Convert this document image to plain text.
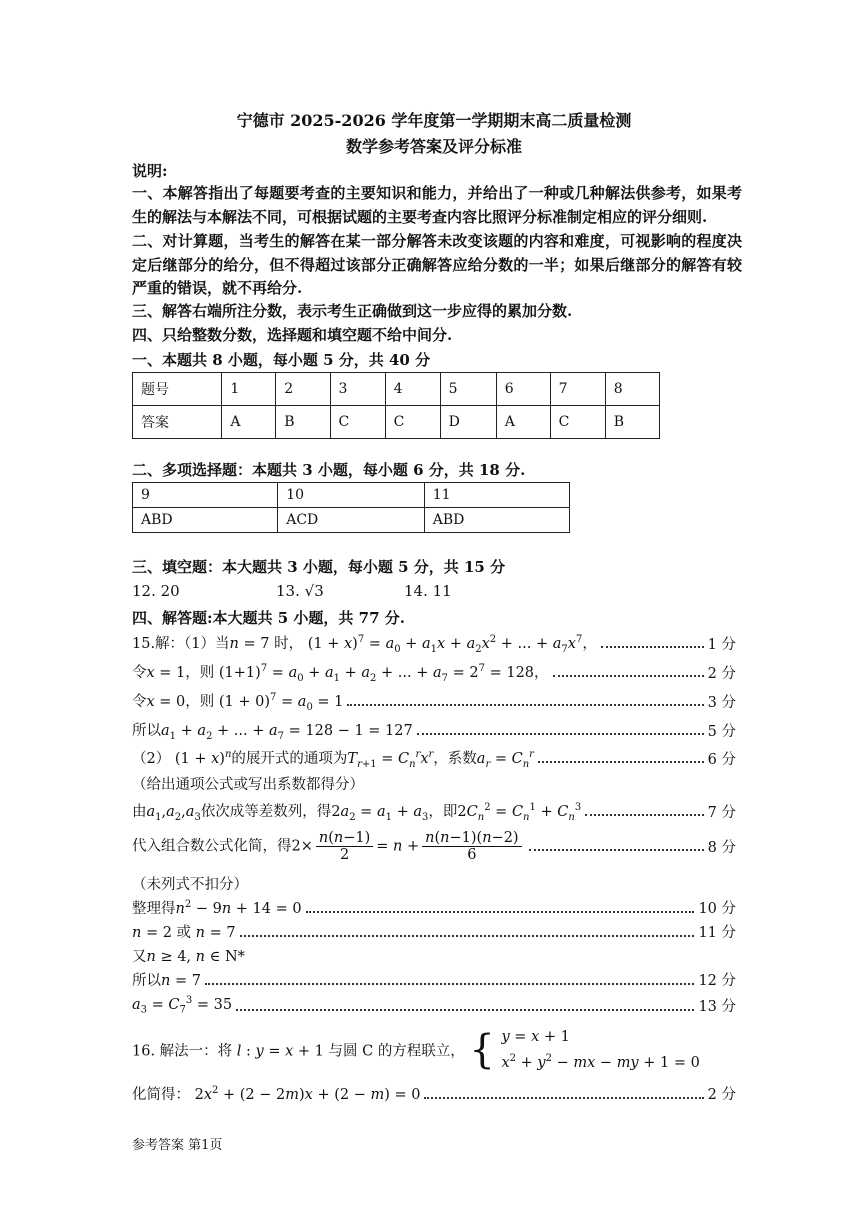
宁德市 2025-2026 学年度第一学期期末高二质量检测
数学参考答案及评分标准
说明:
一、本解答指出了每题要考查的主要知识和能力，并给出了一种或几种解法供参考，如果考生的解法与本解法不同，可根据试题的主要考查内容比照评分标准制定相应的评分细则.
二、对计算题，当考生的解答在某一部分解答未改变该题的内容和难度，可视影响的程度决定后继部分的给分，但不得超过该部分正确解答应给分数的一半；如果后继部分的解答有较严重的错误，就不再给分.
三、解答右端所注分数，表示考生正确做到这一步应得的累加分数.
四、只给整数分数，选择题和填空题不给中间分.
一、本题共 8 小题，每小题 5 分，共 40 分
题号	1	2	3	4	5	6	7	8
答案	A	B	C	C	D	A	C	B
二、多项选择题：本题共 3 小题，每小题 6 分，共 18 分.
9	10	11
ABD	ACD	ABD
三、填空题：本大题共 3 小题，每小题 5 分，共 15 分
12. 20	13. √3	14. 11
四、解答题:本大题共 5 小题，共 77 分.
15.解：（1）当n = 7 时， $(1 + x)^7 = a_0 + a_1x + a_2x^2$ + ... + $a_7x^7$，	1 分
令x = 1，则 $(1+1)^7 = a_0 + a_1 + a_2$ + ... + $a_7 = 2^7 = 128$，	2 分
令x = 0，则 $(1 + 0)^7 = a_0 = 1$	3 分
所以$a_1 + a_2$ + ... + $a_7 = 128 - 1 = 127$	5 分
（2） $(1 + x)^n$的展开式的通项为$T_{r+1} = C_n^rx^r$，系数$a_r = C_n^r$	6 分
（给出通项公式或写出系数都得分）
由$a_1,a_2,a_3$依次成等差数列，得$2a_2 = a_1 + a_3$，即$2C_n^2 = C_n^1 + C_n^3$	7 分
代入组合数公式化简，得$2\times \frac{n(n-1)}{2} = n + \frac{n(n-1)(n-2)}{6}$	8 分
（未列式不扣分）
整理得$n^2 - 9n + 14 = 0$	10 分
n = 2 或 n = 7	11 分
又n ≥ 4, n ∈ N*
所以n = 7	12 分
$a_3 = C_7^3 = 35$	13 分
16. 解法一：将 l : y = x + 1 与圆 C 的方程联立， { y = x + 1
$x^2 + y^2$ − mx − my + 1 = 0
化简得： $2x^2 + (2 - 2m)x + (2 - m) = 0$	2 分
参考答案 第1页
